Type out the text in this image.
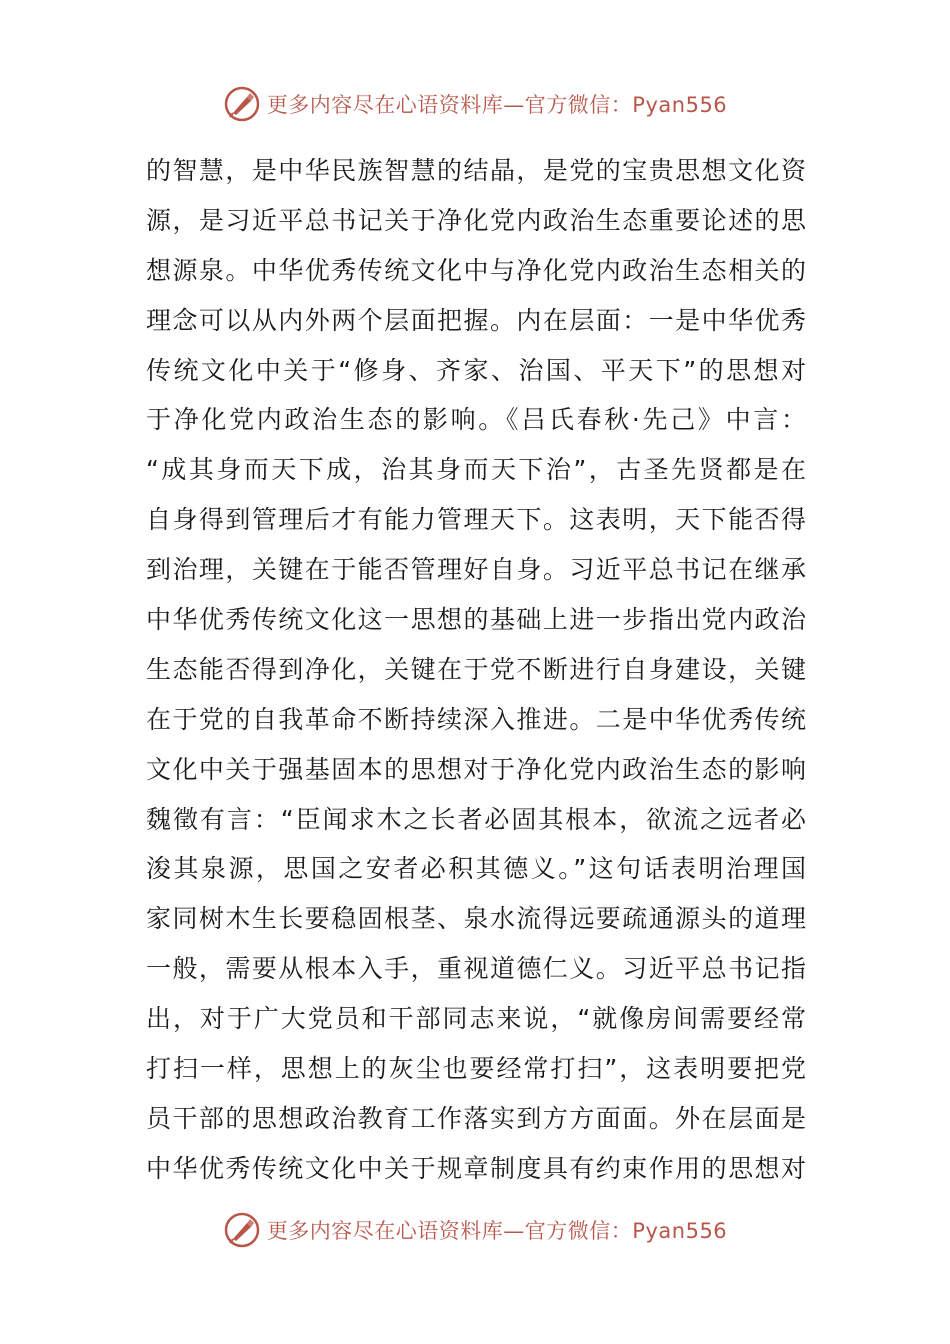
更多内容尽在心语资料库—官方微信：Pyan556
的智慧，是中华民族智慧的结晶，是党的宝贵思想文化资
源，是习近平总书记关于净化党内政治生态重要论述的思
想源泉。中华优秀传统文化中与净化党内政治生态相关的
理念可以从内外两个层面把握。内在层面：一是中华优秀
传统文化中关于“修身、齐家、治国、平天下”的思想对
于净化党内政治生态的影响。《吕氏春秋·先己》中言：
“成其身而天下成，治其身而天下治”，古圣先贤都是在
自身得到管理后才有能力管理天下。这表明，天下能否得
到治理，关键在于能否管理好自身。习近平总书记在继承
中华优秀传统文化这一思想的基础上进一步指出党内政治
生态能否得到净化，关键在于党不断进行自身建设，关键
在于党的自我革命不断持续深入推进。二是中华优秀传统
文化中关于强基固本的思想对于净化党内政治生态的影响
魏徵有言：“臣闻求木之长者必固其根本，欲流之远者必
浚其泉源，思国之安者必积其德义。”这句话表明治理国
家同树木生长要稳固根茎、泉水流得远要疏通源头的道理
一般，需要从根本入手，重视道德仁义。习近平总书记指
出，对于广大党员和干部同志来说，“就像房间需要经常
打扫一样，思想上的灰尘也要经常打扫”，这表明要把党
员干部的思想政治教育工作落实到方方面面。外在层面是
中华优秀传统文化中关于规章制度具有约束作用的思想对
更多内容尽在心语资料库—官方微信：Pyan556
